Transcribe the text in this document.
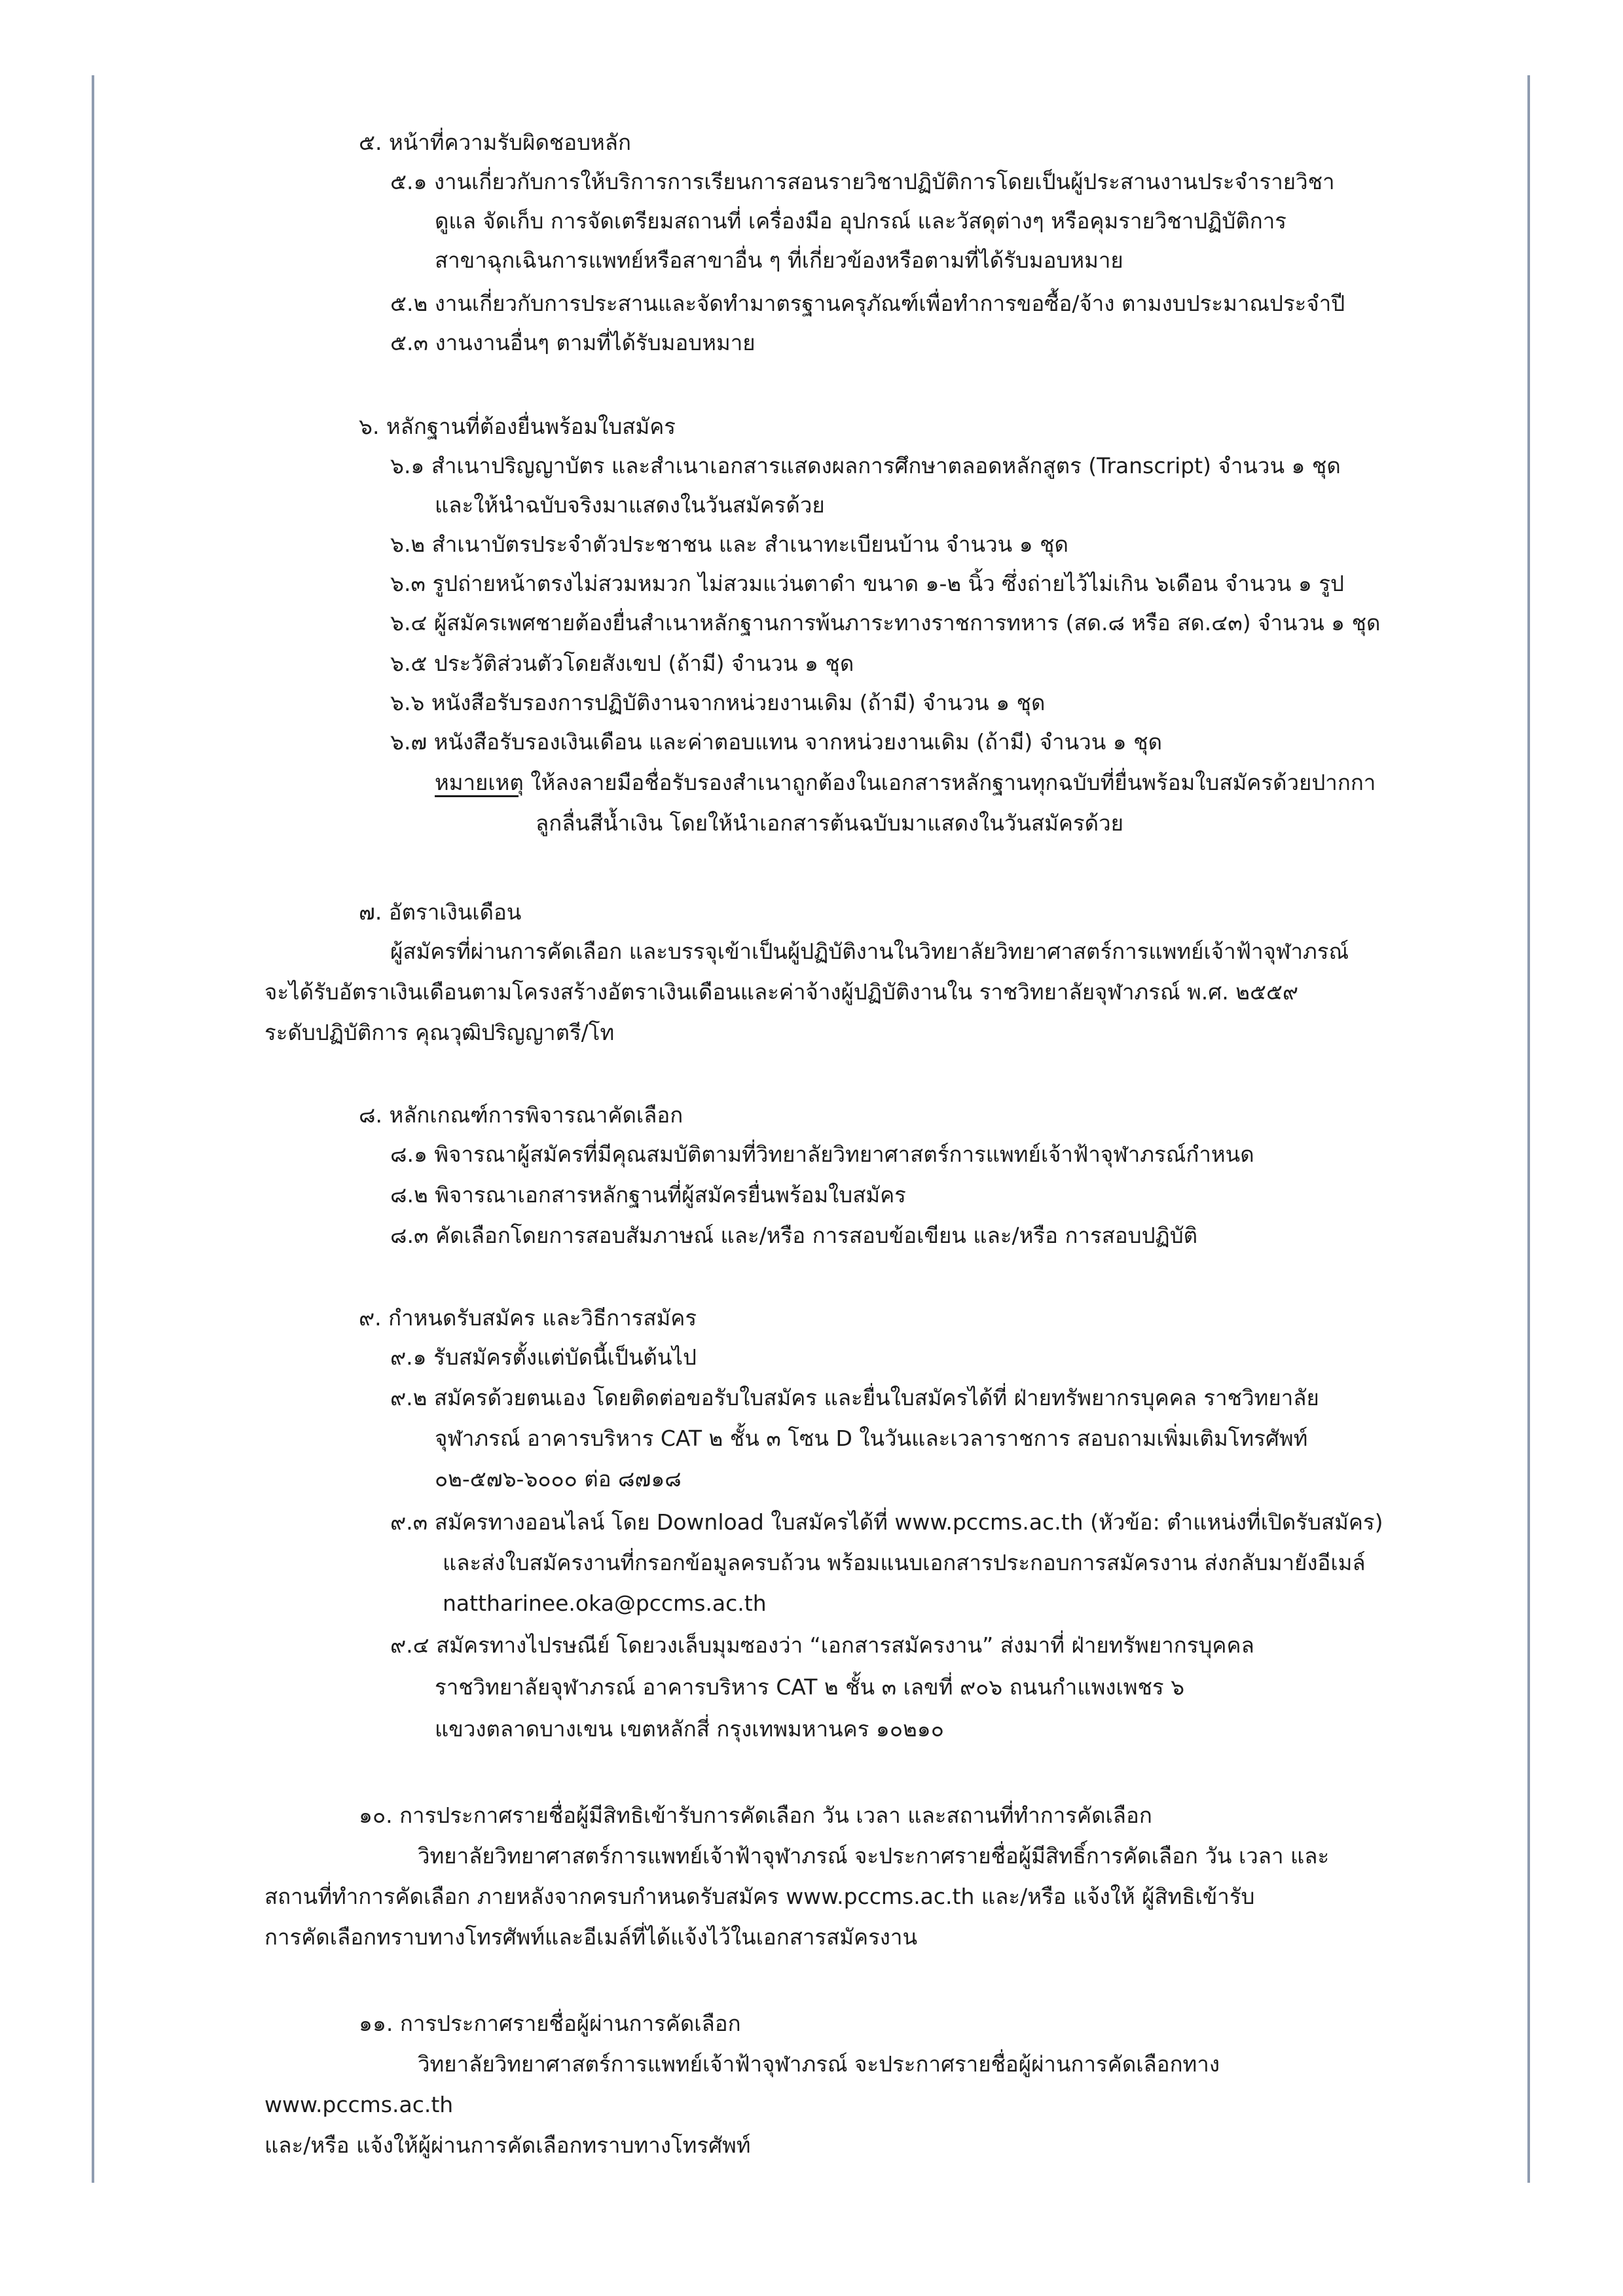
๕. หน้าที่ความรับผิดชอบหลัก
๕.๑ งานเกี่ยวกับการให้บริการการเรียนการสอนรายวิชาปฏิบัติการโดยเป็นผู้ประสานงานประจำรายวิชา
ดูแล จัดเก็บ การจัดเตรียมสถานที่ เครื่องมือ อุปกรณ์ และวัสดุต่างๆ หรือคุมรายวิชาปฏิบัติการ
สาขาฉุกเฉินการแพทย์หรือสาขาอื่น ๆ ที่เกี่ยวข้องหรือตามที่ได้รับมอบหมาย
๕.๒ งานเกี่ยวกับการประสานและจัดทำมาตรฐานครุภัณฑ์เพื่อทำการขอซื้อ/จ้าง ตามงบประมาณประจำปี
๕.๓ งานงานอื่นๆ ตามที่ได้รับมอบหมาย
๖. หลักฐานที่ต้องยื่นพร้อมใบสมัคร
๖.๑ สำเนาปริญญาบัตร และสำเนาเอกสารแสดงผลการศึกษาตลอดหลักสูตร (Transcript) จำนวน ๑ ชุด
และให้นำฉบับจริงมาแสดงในวันสมัครด้วย
๖.๒ สำเนาบัตรประจำตัวประชาชน และ สำเนาทะเบียนบ้าน จำนวน ๑ ชุด
๖.๓ รูปถ่ายหน้าตรงไม่สวมหมวก ไม่สวมแว่นตาดำ ขนาด ๑-๒ นิ้ว ซึ่งถ่ายไว้ไม่เกิน ๖เดือน จำนวน ๑ รูป
๖.๔ ผู้สมัครเพศชายต้องยื่นสำเนาหลักฐานการพ้นภาระทางราชการทหาร (สด.๘ หรือ สด.๔๓) จำนวน ๑ ชุด
๖.๕ ประวัติส่วนตัวโดยสังเขป (ถ้ามี) จำนวน ๑ ชุด
๖.๖ หนังสือรับรองการปฏิบัติงานจากหน่วยงานเดิม (ถ้ามี) จำนวน ๑ ชุด
๖.๗ หนังสือรับรองเงินเดือน และค่าตอบแทน จากหน่วยงานเดิม (ถ้ามี) จำนวน ๑ ชุด
หมายเหตุ ให้ลงลายมือชื่อรับรองสำเนาถูกต้องในเอกสารหลักฐานทุกฉบับที่ยื่นพร้อมใบสมัครด้วยปากกา
ลูกลื่นสีน้ำเงิน โดยให้นำเอกสารต้นฉบับมาแสดงในวันสมัครด้วย
๗. อัตราเงินเดือน
ผู้สมัครที่ผ่านการคัดเลือก และบรรจุเข้าเป็นผู้ปฏิบัติงานในวิทยาลัยวิทยาศาสตร์การแพทย์เจ้าฟ้าจุฬาภรณ์
จะได้รับอัตราเงินเดือนตามโครงสร้างอัตราเงินเดือนและค่าจ้างผู้ปฏิบัติงานใน ราชวิทยาลัยจุฬาภรณ์ พ.ศ. ๒๕๕๙
ระดับปฏิบัติการ คุณวุฒิปริญญาตรี/โท
๘. หลักเกณฑ์การพิจารณาคัดเลือก
๘.๑ พิจารณาผู้สมัครที่มีคุณสมบัติตามที่วิทยาลัยวิทยาศาสตร์การแพทย์เจ้าฟ้าจุฬาภรณ์กำหนด
๘.๒ พิจารณาเอกสารหลักฐานที่ผู้สมัครยื่นพร้อมใบสมัคร
๘.๓ คัดเลือกโดยการสอบสัมภาษณ์ และ/หรือ การสอบข้อเขียน และ/หรือ การสอบปฏิบัติ
๙. กำหนดรับสมัคร และวิธีการสมัคร
๙.๑ รับสมัครตั้งแต่บัดนี้เป็นต้นไป
๙.๒ สมัครด้วยตนเอง โดยติดต่อขอรับใบสมัคร และยื่นใบสมัครได้ที่ ฝ่ายทรัพยากรบุคคล ราชวิทยาลัย
จุฬาภรณ์ อาคารบริหาร CAT ๒ ชั้น ๓ โซน D ในวันและเวลาราชการ สอบถามเพิ่มเติมโทรศัพท์
๐๒-๕๗๖-๖๐๐๐ ต่อ ๘๗๑๘
๙.๓ สมัครทางออนไลน์ โดย Download ใบสมัครได้ที่ www.pccms.ac.th (หัวข้อ: ตำแหน่งที่เปิดรับสมัคร)
และส่งใบสมัครงานที่กรอกข้อมูลครบถ้วน พร้อมแนบเอกสารประกอบการสมัครงาน ส่งกลับมายังอีเมล์
nattharinee.oka@pccms.ac.th
๙.๔ สมัครทางไปรษณีย์ โดยวงเล็บมุมซองว่า “เอกสารสมัครงาน” ส่งมาที่ ฝ่ายทรัพยากรบุคคล
ราชวิทยาลัยจุฬาภรณ์ อาคารบริหาร CAT ๒ ชั้น ๓ เลขที่ ๙๐๖ ถนนกำแพงเพชร ๖
แขวงตลาดบางเขน เขตหลักสี่ กรุงเทพมหานคร ๑๐๒๑๐
๑๐. การประกาศรายชื่อผู้มีสิทธิเข้ารับการคัดเลือก วัน เวลา และสถานที่ทำการคัดเลือก
วิทยาลัยวิทยาศาสตร์การแพทย์เจ้าฟ้าจุฬาภรณ์ จะประกาศรายชื่อผู้มีสิทธิ์การคัดเลือก วัน เวลา และ
สถานที่ทำการคัดเลือก ภายหลังจากครบกำหนดรับสมัคร www.pccms.ac.th และ/หรือ แจ้งให้ ผู้สิทธิเข้ารับ
การคัดเลือกทราบทางโทรศัพท์และอีเมล์ที่ได้แจ้งไว้ในเอกสารสมัครงาน
๑๑. การประกาศรายชื่อผู้ผ่านการคัดเลือก
วิทยาลัยวิทยาศาสตร์การแพทย์เจ้าฟ้าจุฬาภรณ์ จะประกาศรายชื่อผู้ผ่านการคัดเลือกทาง
www.pccms.ac.th
และ/หรือ แจ้งให้ผู้ผ่านการคัดเลือกทราบทางโทรศัพท์
